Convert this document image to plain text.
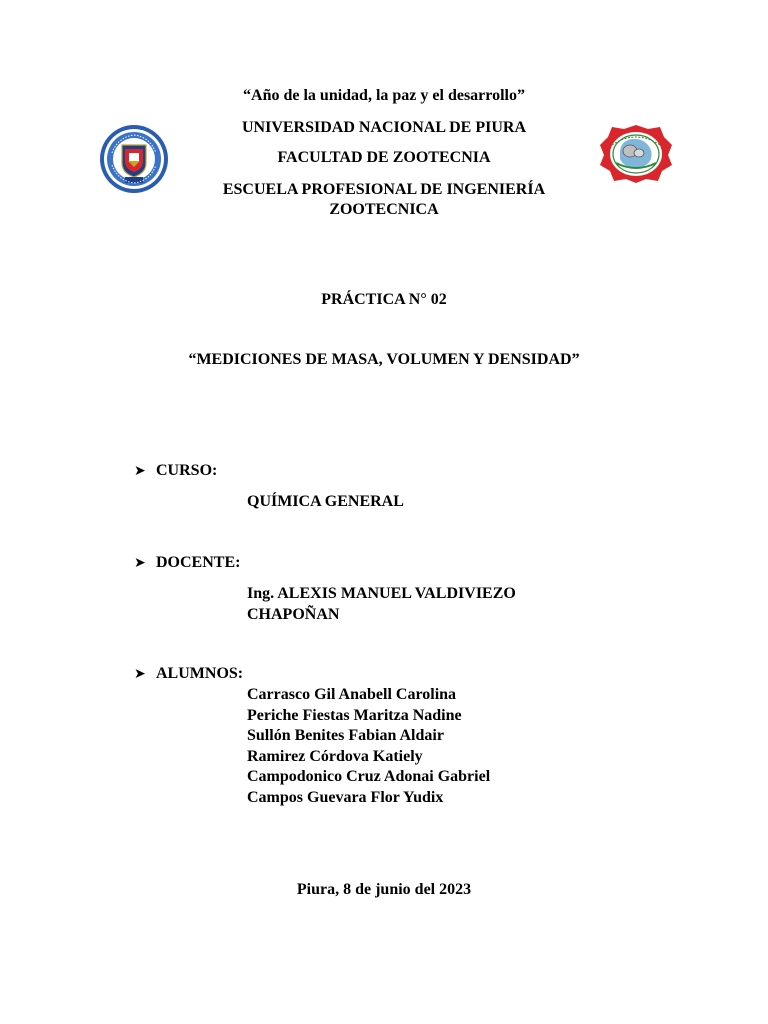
“Año de la unidad, la paz y el desarrollo”
UNIVERSIDAD NACIONAL DE PIURA
FACULTAD DE ZOOTECNIA
ESCUELA PROFESIONAL DE INGENIERÍA
ZOOTECNICA
PRÁCTICA N° 02
“MEDICIONES DE MASA, VOLUMEN Y DENSIDAD”
➤ CURSO:
QUÍMICA GENERAL
➤ DOCENTE:
Ing. ALEXIS MANUEL VALDIVIEZO
CHAPOÑAN
➤ ALUMNOS:
Carrasco Gil Anabell Carolina
Periche Fiestas Maritza Nadine
Sullón Benites Fabian Aldair
Ramirez Córdova Katiely
Campodonico Cruz Adonai Gabriel
Campos Guevara Flor Yudix
Piura, 8 de junio del 2023
